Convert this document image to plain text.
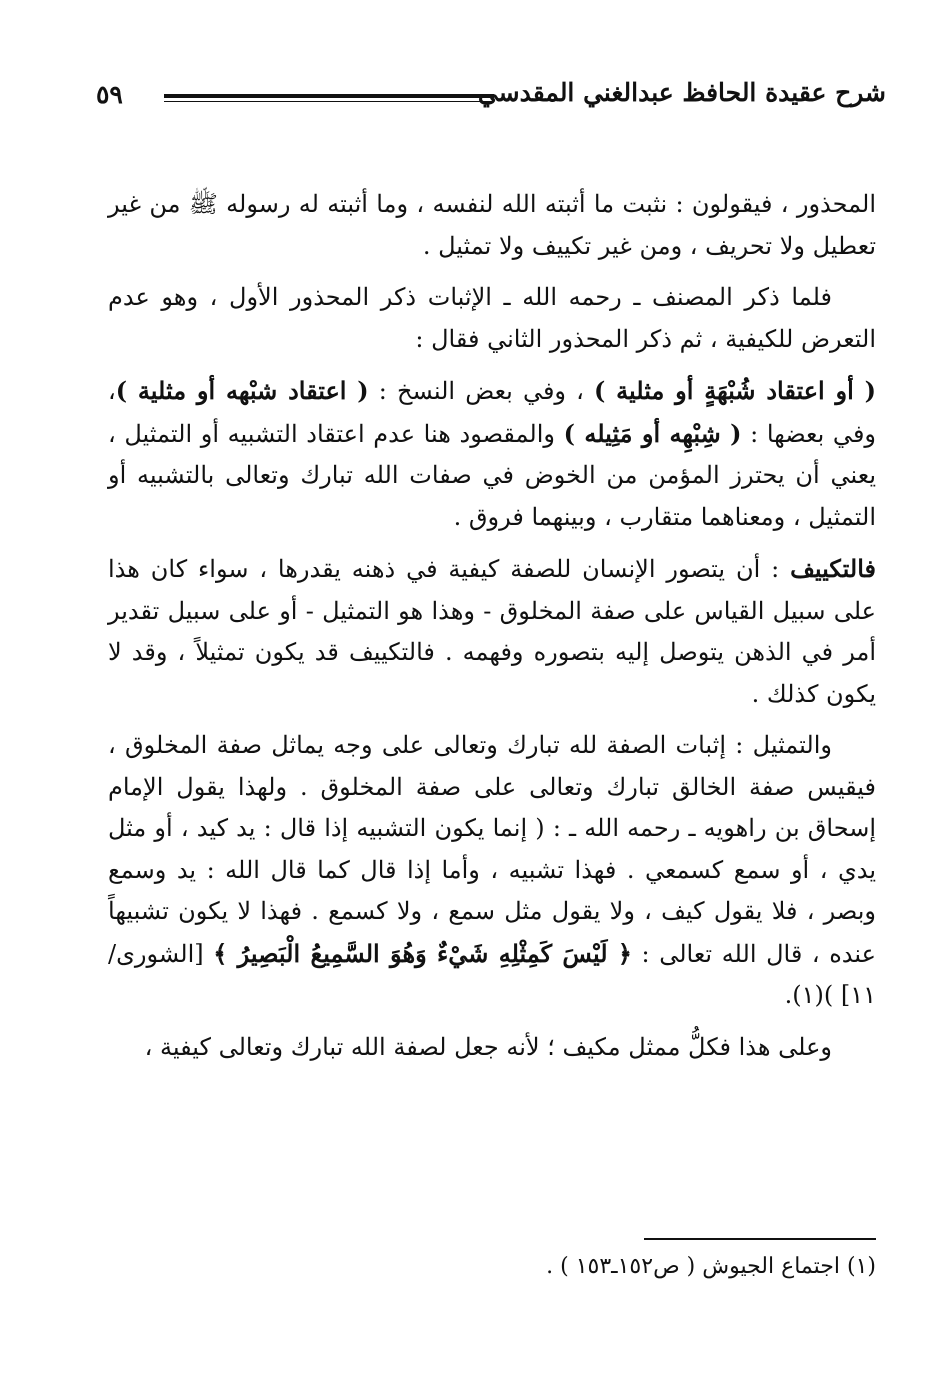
شرح عقيدة الحافظ عبدالغني المقدسي
٥٩

المحذور ، فيقولون : نثبت ما أثبته الله لنفسه ، وما أثبته له رسوله ﷺ من غير تعطيل ولا تحريف ، ومن غير تكييف ولا تمثيل .

فلما ذكر المصنف ـ رحمه الله ـ الإثبات ذكر المحذور الأول ، وهو عدم التعرض للكيفية ، ثم ذكر المحذور الثاني فقال :

( أو اعتقاد شُبْهَةٍ أو مثلية ) ، وفي بعض النسخ : ( اعتقاد شبْهه أو مثلية )، وفي بعضها : ( شِبْهِه أو مَثِيله ) والمقصود هنا عدم اعتقاد التشبيه أو التمثيل ، يعني أن يحترز المؤمن من الخوض في صفات الله تبارك وتعالى بالتشبيه أو التمثيل ، ومعناهما متقارب ، وبينهما فروق .

فالتكييف : أن يتصور الإنسان للصفة كيفية في ذهنه يقدرها ، سواء كان هذا على سبيل القياس على صفة المخلوق - وهذا هو التمثيل - أو على سبيل تقدير أمر في الذهن يتوصل إليه بتصوره وفهمه . فالتكييف قد يكون تمثيلاً ، وقد لا يكون كذلك .

والتمثيل : إثبات الصفة لله تبارك وتعالى على وجه يماثل صفة المخلوق ، فيقيس صفة الخالق تبارك وتعالى على صفة المخلوق . ولهذا يقول الإمام إسحاق بن راهويه ـ رحمه الله ـ : ( إنما يكون التشبيه إذا قال : يد كيد ، أو مثل يدي ، أو سمع كسمعي . فهذا تشبيه ، وأما إذا قال كما قال الله : يد وسمع وبصر ، فلا يقول كيف ، ولا يقول مثل سمع ، ولا كسمع . فهذا لا يكون تشبيهاً عنده ، قال الله تعالى : ﴿ لَيْسَ كَمِثْلِهِ شَيْءٌ وَهُوَ السَّمِيعُ الْبَصِيرُ ﴾ [الشورى/ ١١] )(١).

وعلى هذا فكلُّ ممثل مكيف ؛ لأنه جعل لصفة الله تبارك وتعالى كيفية ،

(١) اجتماع الجيوش ( ص١٥٢ـ١٥٣ ) .
